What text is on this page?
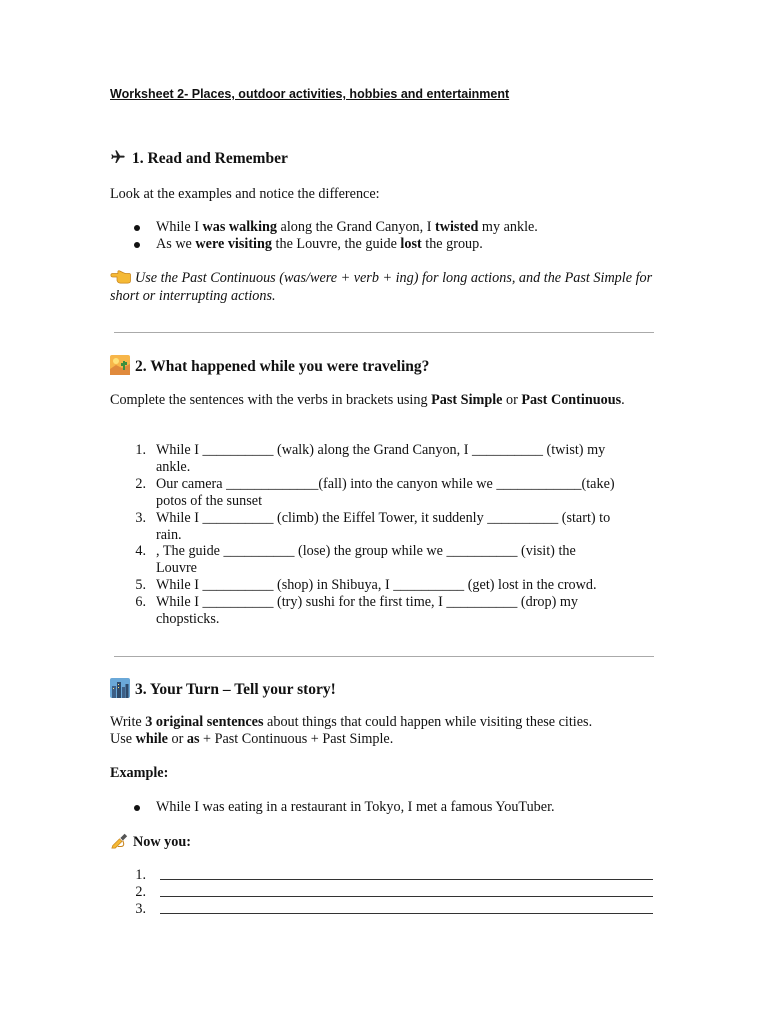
Worksheet 2- Places, outdoor activities, hobbies and entertainment
1. Read and Remember
Look at the examples and notice the difference:
While I was walking along the Grand Canyon, I twisted my ankle.
As we were visiting the Louvre, the guide lost the group.
Use the Past Continuous (was/were + verb + ing) for long actions, and the Past Simple for short or interrupting actions.
2. What happened while you were traveling?
Complete the sentences with the verbs in brackets using Past Simple or Past Continuous.
1. While I __________ (walk) along the Grand Canyon, I __________ (twist) my
ankle.
2. Our camera _____________(fall) into the canyon while we ____________(take)
potos of the sunset
3. While I __________ (climb) the Eiffel Tower, it suddenly __________ (start) to
rain.
4. , The guide __________ (lose) the group while we __________ (visit) the
Louvre
5. While I __________ (shop) in Shibuya, I __________ (get) lost in the crowd.
6. While I __________ (try) sushi for the first time, I __________ (drop) my
chopsticks.
3. Your Turn – Tell your story!
Write 3 original sentences about things that could happen while visiting these cities.
Use while or as + Past Continuous + Past Simple.
Example:
While I was eating in a restaurant in Tokyo, I met a famous YouTuber.
Now you:
1.
2.
3.
